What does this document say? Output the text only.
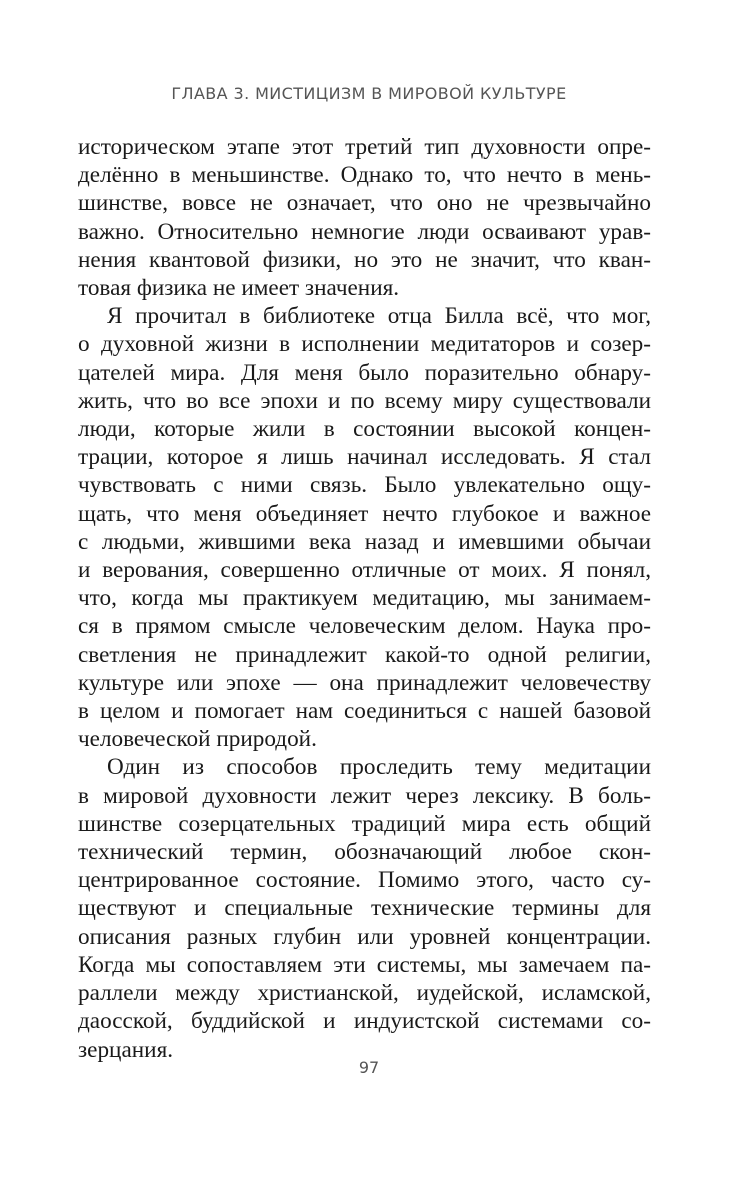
ГЛАВА 3. МИСТИЦИЗМ В МИРОВОЙ КУЛЬТУРЕ
историческом этапе этот третий тип духовности опре-
делённо в меньшинстве. Однако то, что нечто в мень-
шинстве, вовсе не означает, что оно не чрезвычайно
важно. Относительно немногие люди осваивают урав-
нения квантовой физики, но это не значит, что кван-
товая физика не имеет значения.
Я прочитал в библиотеке отца Билла всё, что мог,
о духовной жизни в исполнении медитаторов и созер-
цателей мира. Для меня было поразительно обнару-
жить, что во все эпохи и по всему миру существовали
люди, которые жили в состоянии высокой концен-
трации, которое я лишь начинал исследовать. Я стал
чувствовать с ними связь. Было увлекательно ощу-
щать, что меня объединяет нечто глубокое и важное
с людьми, жившими века назад и имевшими обычаи
и верования, совершенно отличные от моих. Я понял,
что, когда мы практикуем медитацию, мы занимаем-
ся в прямом смысле человеческим делом. Наука про-
светления не принадлежит какой-то одной религии,
культуре или эпохе — она принадлежит человечеству
в целом и помогает нам соединиться с нашей базовой
человеческой природой.
Один из способов проследить тему медитации
в мировой духовности лежит через лексику. В боль-
шинстве созерцательных традиций мира есть общий
технический термин, обозначающий любое скон-
центрированное состояние. Помимо этого, часто су-
ществуют и специальные технические термины для
описания разных глубин или уровней концентрации.
Когда мы сопоставляем эти системы, мы замечаем па-
раллели между христианской, иудейской, исламской,
даосской, буддийской и индуистской системами со-
зерцания.
97
